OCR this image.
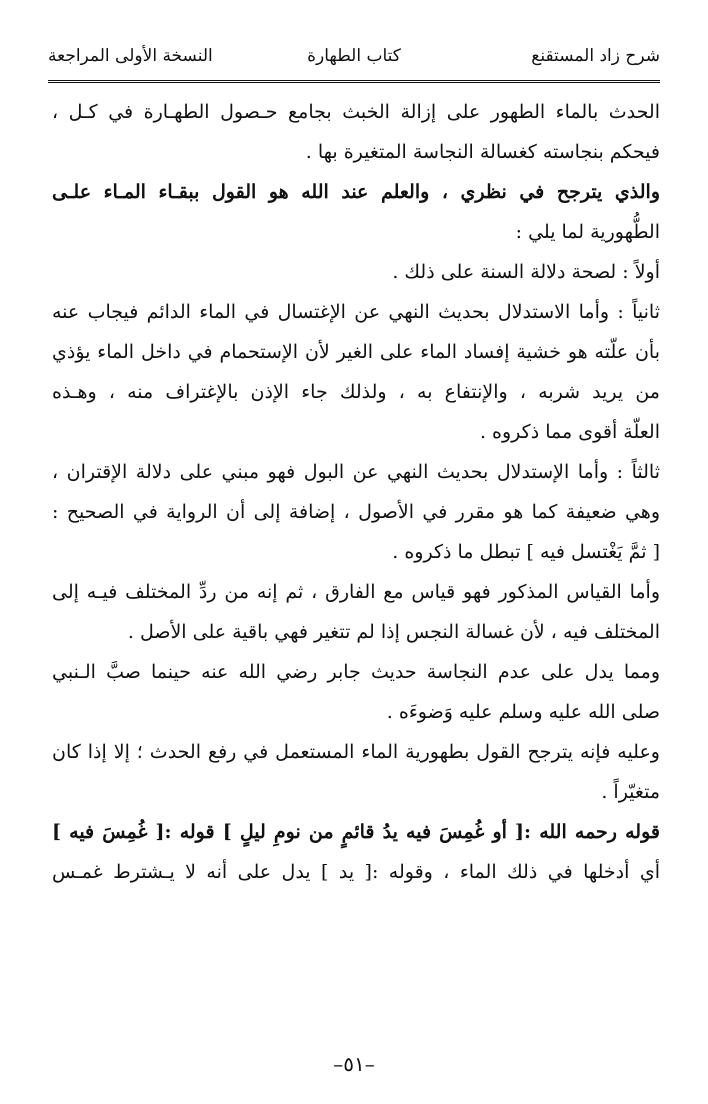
شرح زاد المستقنع
كتاب الطهارة
النسخة الأولى المراجعة
الحدث بالماء الطهور على إزالة الخبث بجامع حـصول الطهـارة في كـل ،
فيحكم بنجاسته كغسالة النجاسة المتغيرة بها .
والذي يترجح في نظري ، والعلم عند الله هو القول ببقـاء المـاء علـى
الطُّهورية لما يلي :
أولاً : لصحة دلالة السنة على ذلك .
ثانياً : وأما الاستدلال بحديث النهي عن الإغتسال في الماء الدائم فيجاب عنه
بأن علّته هو خشية إفساد الماء على الغير لأن الإستحمام في داخل الماء يؤذي
من يريد شربه ، والإنتفاع به ، ولذلك جاء الإذن بالإغتراف منه ، وهـذه
العلّة أقوى مما ذكروه .
ثالثاً : وأما الإستدلال بحديث النهي عن البول فهو مبني على دلالة الإقتران ،
وهي ضعيفة كما هو مقرر في الأصول ، إضافة إلى أن الرواية في الصحيح :
[ ثمَّ يَغْتسل فيه ] تبطل ما ذكروه .
وأما القياس المذكور فهو قياس مع الفارق ، ثم إنه من ردِّ المختلف فيـه إلى
المختلف فيه ، لأن غسالة النجس إذا لم تتغير فهي باقية على الأصل .
ومما يدل على عدم النجاسة حديث جابر رضي الله عنه حينما صبَّ الـنبي
صلى الله عليه وسلم عليه وَضوءَه .
وعليه فإنه يترجح القول بطهورية الماء المستعمل في رفع الحدث ؛ إلا إذا كان
متغيّراً .
قوله رحمه الله :[ أو غُمِسَ فيه يدُ قائمٍ من نومِ ليلٍ ] قوله :[ غُمِسَ فيه ]
أي أدخلها في ذلك الماء ، وقوله :[ يد ] يدل على أنه لا يـشترط غمـس
–٥١–
